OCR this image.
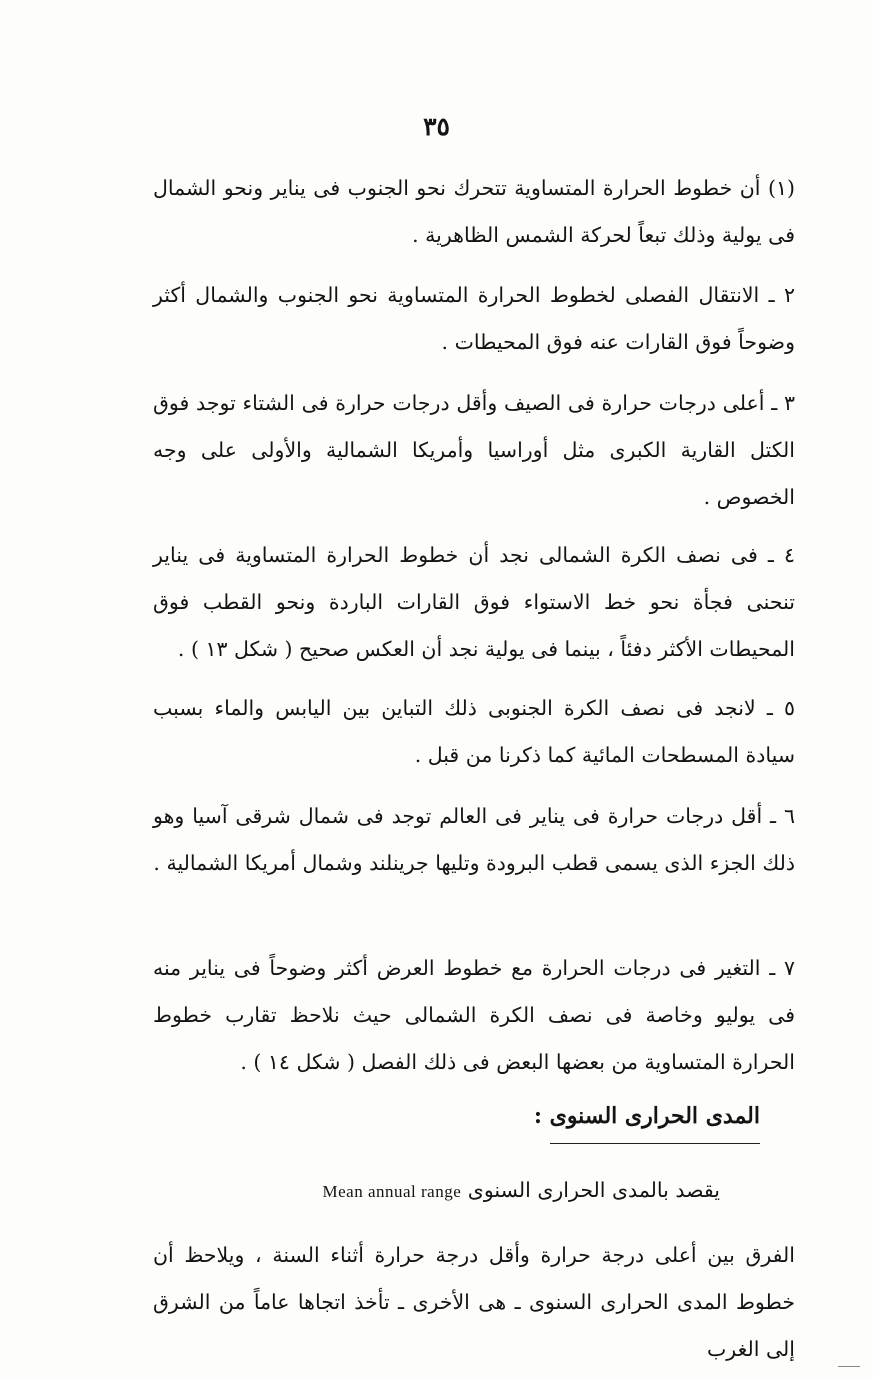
٣٥

(١) أن خطوط الحرارة المتساوية تتحرك نحو الجنوب فى يناير ونحو الشمال فى يولية وذلك تبعاً لحركة الشمس الظاهرية .

٢ ـ الانتقال الفصلى لخطوط الحرارة المتساوية نحو الجنوب والشمال أكثر وضوحاً فوق القارات عنه فوق المحيطات .

٣ ـ أعلى درجات حرارة فى الصيف وأقل درجات حرارة فى الشتاء توجد فوق الكتل القارية الكبرى مثل أوراسيا وأمريكا الشمالية والأولى على وجه الخصوص .

٤ ـ فى نصف الكرة الشمالى نجد أن خطوط الحرارة المتساوية فى يناير تنحنى فجأة نحو خط الاستواء فوق القارات الباردة ونحو القطب فوق المحيطات الأكثر دفئاً ، بينما فى يولية نجد أن العكس صحيح ( شكل ١٣ ) .

٥ ـ لانجد فى نصف الكرة الجنوبى ذلك التباين بين اليابس والماء بسبب سيادة المسطحات المائية كما ذكرنا من قبل .

٦ ـ أقل درجات حرارة فى يناير فى العالم توجد فى شمال شرقى آسيا وهو ذلك الجزء الذى يسمى قطب البرودة وتليها جرينلند وشمال أمريكا الشمالية .

٧ ـ التغير فى درجات الحرارة مع خطوط العرض أكثر وضوحاً فى يناير منه فى يوليو وخاصة فى نصف الكرة الشمالى حيث نلاحظ تقارب خطوط الحرارة المتساوية من بعضها البعض فى ذلك الفصل ( شكل ١٤ ) .

المدى الحرارى السنوى :
يقصد بالمدى الحرارى السنوى Mean annual range

الفرق بين أعلى درجة حرارة وأقل درجة حرارة أثناء السنة ، ويلاحظ أن خطوط المدى الحرارى السنوى ـ هى الأخرى ـ تأخذ اتجاها عاماً من الشرق إلى الغرب
